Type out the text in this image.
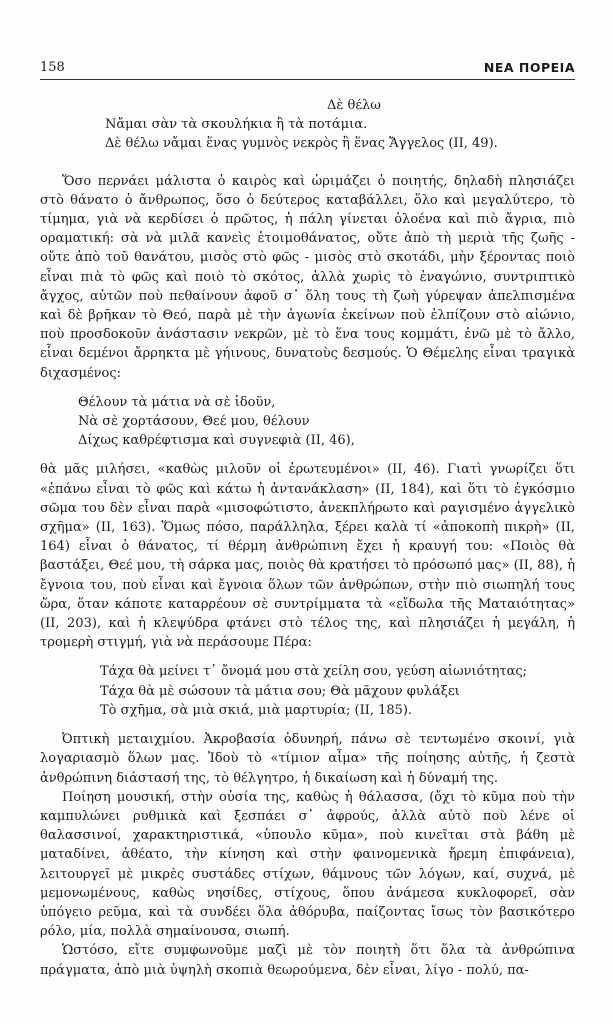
158	ΝΕΑ ΠΟΡΕΙΑ
Δὲ θέλω
Νἄμαι σὰν τὰ σκουλήκια ἢ τὰ ποτάμια.
Δὲ θέλω νἄμαι ἕνας γυμνὸς νεκρὸς ἢ ἕνας Ἄγγελος (ΙΙ, 49).

Ὅσο περνάει μάλιστα ὁ καιρὸς καὶ ὡριμάζει ὁ ποιητής, δηλαδὴ πλησιάζει στὸ θάνατο ὁ ἄνθρωπος, ὅσο ὁ δεύτερος καταβάλλει, ὅλο καὶ μεγαλύτερο, τὸ τίμημα, γιὰ νὰ κερδίσει ὁ πρῶτος, ἡ πάλη γίνεται ὁλοένα καὶ πιὸ ἄγρια, πιὸ οραματική: σὰ νὰ μιλᾶ κανεὶς ἑτοιμοθάνατος, οὔτε ἀπὸ τὴ μεριὰ τῆς ζωῆς - οὔτε ἀπὸ τοῦ θανάτου, μισὸς στὸ φῶς - μισὸς στὸ σκοτάδι, μὴν ξέροντας ποιὸ εἶναι πιὰ τὸ φῶς καὶ ποιὸ τὸ σκότος, ἀλλὰ χωρὶς τὸ ἐναγώνιο, συντριπτικὸ ἄγχος, αὐτῶν ποὺ πεθαίνουν ἀφοῦ σ᾽ ὅλη τους τὴ ζωὴ γύρεψαν ἀπελπισμένα καὶ δὲ βρῆκαν τὸ Θεό, παρὰ μὲ τὴν ἀγωνία ἐκείνων ποὺ ἐλπίζουν στὸ αἰώνιο, ποὺ προσδοκοῦν ἀνάστασιν νεκρῶν, μὲ τὸ ἕνα τους κομμάτι, ἐνῶ μὲ τὸ ἄλλο, εἶναι δεμένοι ἄρρηκτα μὲ γήινους, δυνατοὺς δεσμούς. Ὁ Θέμελης εἶναι τραγικὰ διχασμένος:

Θέλουν τὰ μάτια νὰ σὲ ἰδοῦν,
Νὰ σὲ χορτάσουν, Θεέ μου, θέλουν
Δίχως καθρέφτισμα καὶ συγνεφιὰ (ΙΙ, 46),

θὰ μᾶς μιλήσει, «καθὼς μιλοῦν οἱ ἐρωτευμένοι» (ΙΙ, 46). Γιατὶ γνωρίζει ὅτι «ἐπάνω εἶναι τὸ φῶς καὶ κάτω ἡ ἀντανάκλαση» (ΙΙ, 184), καὶ ὅτι τὸ ἐγκόσμιο σῶμα του δὲν εἶναι παρὰ «μισοφώτιστο, ἀνεκπλήρωτο καὶ ραγισμένο ἀγγελικὸ σχῆμα» (ΙΙ, 163). Ὅμως πόσο, παράλληλα, ξέρει καλὰ τί «ἀποκοπὴ πικρὴ» (ΙΙ, 164) εἶναι ὁ θάνατος, τί θέρμη ἀνθρώπινη ἔχει ἡ κραυγή του: «Ποιὸς θὰ βαστάξει, Θεέ μου, τὴ σάρκα μας, ποιὸς θὰ κρατήσει τὸ πρόσωπό μας» (ΙΙ, 88), ἡ ἔγνοια του, ποὺ εἶναι καὶ ἔγνοια ὅλων τῶν ἀνθρώπων, στὴν πιὸ σιωπηλή τους ὥρα, ὅταν κάποτε καταρρέουν σὲ συντρίμματα τὰ «εἴδωλα τῆς Ματαιότητας» (ΙΙ, 203), καὶ ἡ κλεψύδρα φτάνει στὸ τέλος της, καὶ πλησιάζει ἡ μεγάλη, ἡ τρομερὴ στιγμή, γιὰ νὰ περάσουμε Πέρα:

Τάχα θὰ μείνει τ᾽ ὄνομά μου στὰ χείλη σου, γεύση αἰωνιότητας;
Τάχα θὰ μὲ σώσουν τὰ μάτια σου; Θὰ μᾶχουν φυλάξει
Τὸ σχῆμα, σὰ μιὰ σκιά, μιὰ μαρτυρία; (ΙΙ, 185).

Ὀπτικὴ μεταιχμίου. Ἀκροβασία ὀδυνηρή, πάνω σὲ τεντωμένο σκοινί, γιὰ λογαριασμὸ ὅλων μας. Ἰδοὺ τὸ «τίμιον αἷμα» τῆς ποίησης αὐτῆς, ἡ ζεστὰ ἀνθρώπινη διάστασή της, τὸ θέλγητρο, ἡ δικαίωση καὶ ἡ δύναμή της.

Ποίηση μουσική, στὴν οὐσία της, καθὼς ἡ θάλασσα, (ὄχι τὸ κῦμα ποὺ τὴν καμπυλώνει ρυθμικὰ καὶ ξεσπάει σ᾽ ἀφρούς, ἀλλὰ αὐτὸ ποὺ λένε οἱ θαλασσινοί, χαρακτηριστικά, «ὑπουλο κῦμα», ποὺ κινεῖται στὰ βάθη μὲ ματαδίνει, ἀθέατο, τὴν κίνηση καὶ στὴν φαινομενικὰ ἤρεμη ἐπιφάνεια), λειτουργεῖ μὲ μικρὲς συστάδες στίχων, θάμνους τῶν λόγων, καί, συχνά, μὲ μεμονωμένους, καθὼς νησίδες, στίχους, ὅπου ἀνάμεσα κυκλοφορεῖ, σὰν ὑπόγειο ρεῦμα, καὶ τὰ συνδέει ὅλα ἀθόρυβα, παίζοντας ἴσως τὸν βασικότερο ρόλο, μία, πολλὰ σημαίνουσα, σιωπή.

Ὡστόσο, εἴτε συμφωνοῦμε μαζὶ μὲ τὸν ποιητὴ ὅτι ὅλα τὰ ἀνθρώπινα πράγματα, ἀπὸ μιὰ ὑψηλὴ σκοπιὰ θεωρούμενα, δὲν εἶναι, λίγο - πολύ, πα-
